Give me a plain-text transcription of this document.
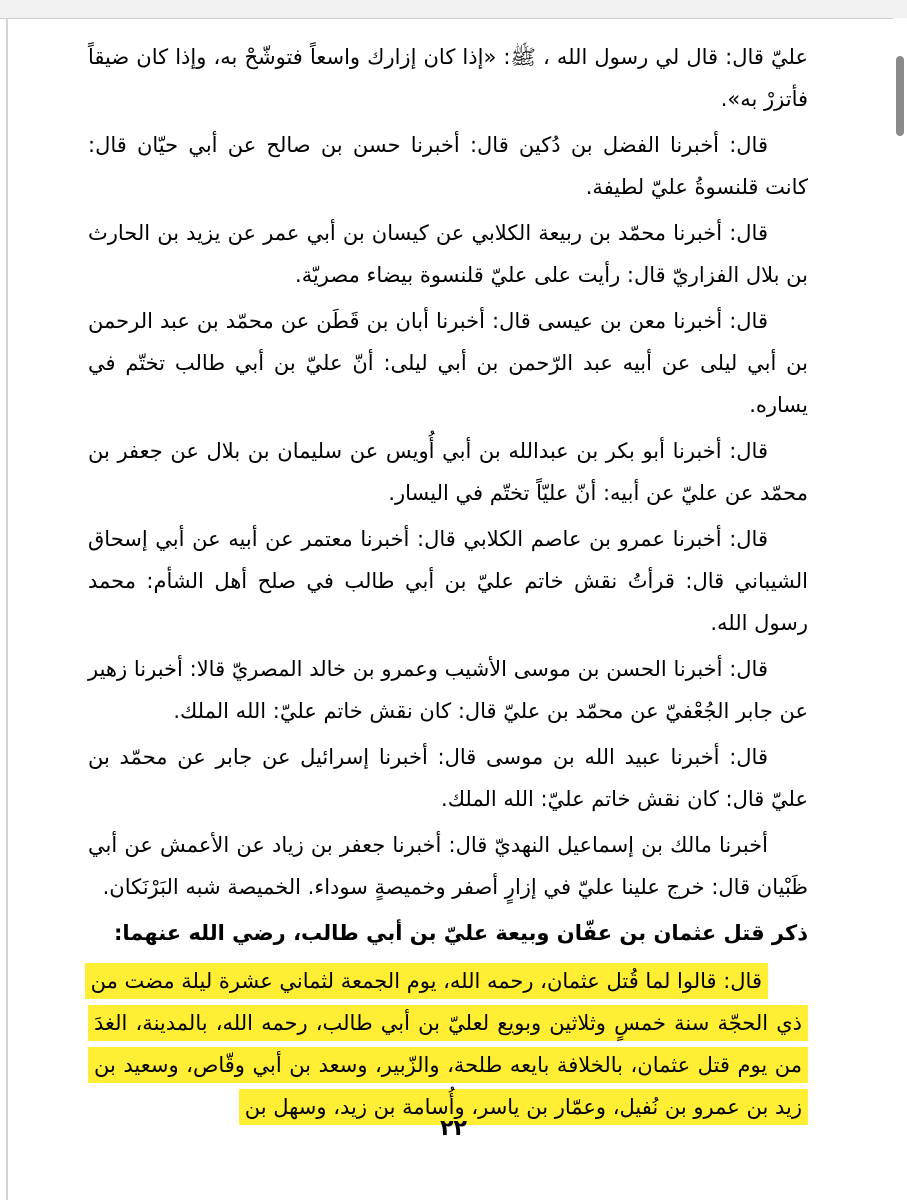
عليّ قال: قال لي رسول الله ، ﷺ: «إذا كان إزارك واسعاً فتوشّحْ به، وإذا كان ضيقاً فأتزرْ به».

قال: أخبرنا الفضل بن دُكين قال: أخبرنا حسن بن صالح عن أبي حيّان قال: كانت قلنسوةُ عليّ لطيفة.

قال: أخبرنا محمّد بن ربيعة الكلابي عن كيسان بن أبي عمر عن يزيد بن الحارث بن بلال الفزاريّ قال: رأيت على عليّ قلنسوة بيضاء مصريّة.

قال: أخبرنا معن بن عيسى قال: أخبرنا أبان بن قَطَن عن محمّد بن عبد الرحمن بن أبي ليلى عن أبيه عبد الرّحمن بن أبي ليلى: أنّ عليّ بن أبي طالب تختّم في يساره.

قال: أخبرنا أبو بكر بن عبدالله بن أبي أُويس عن سليمان بن بلال عن جعفر بن محمّد عن عليّ عن أبيه: أنّ عليّاً تختّم في اليسار.

قال: أخبرنا عمرو بن عاصم الكلابي قال: أخبرنا معتمر عن أبيه عن أبي إسحاق الشيباني قال: قرأتُ نقش خاتم عليّ بن أبي طالب في صلح أهل الشأم: محمد رسول الله.

قال: أخبرنا الحسن بن موسى الأشيب وعمرو بن خالد المصريّ قالا: أخبرنا زهير عن جابر الجُعْفيّ عن محمّد بن عليّ قال: كان نقش خاتم عليّ: الله الملك.

قال: أخبرنا عبيد الله بن موسى قال: أخبرنا إسرائيل عن جابر عن محمّد بن عليّ قال: كان نقش خاتم عليّ: الله الملك.

أخبرنا مالك بن إسماعيل النهديّ قال: أخبرنا جعفر بن زياد عن الأعمش عن أبي ظَبْيان قال: خرج علينا عليّ في إزارٍ أصفر وخميصةٍ سوداء. الخميصة شبه البَرْنَكان.

ذكر قتل عثمان بن عفّان وبيعة عليّ بن أبي طالب، رضي الله عنهما:

قال: قالوا لما قُتل عثمان، رحمه الله، يوم الجمعة لثماني عشرة ليلة مضت من ذي الحجّة سنة خمسٍ وثلاثين وبويع لعليّ بن أبي طالب، رحمه الله، بالمدينة، الغدَ من يوم قتل عثمان، بالخلافة بايعه طلحة، والزّبير، وسعد بن أبي وقّاص، وسعيد بن زيد بن عمرو بن نُفيل، وعمّار بن ياسر، وأُسامة بن زيد، وسهل بن

٢٢
